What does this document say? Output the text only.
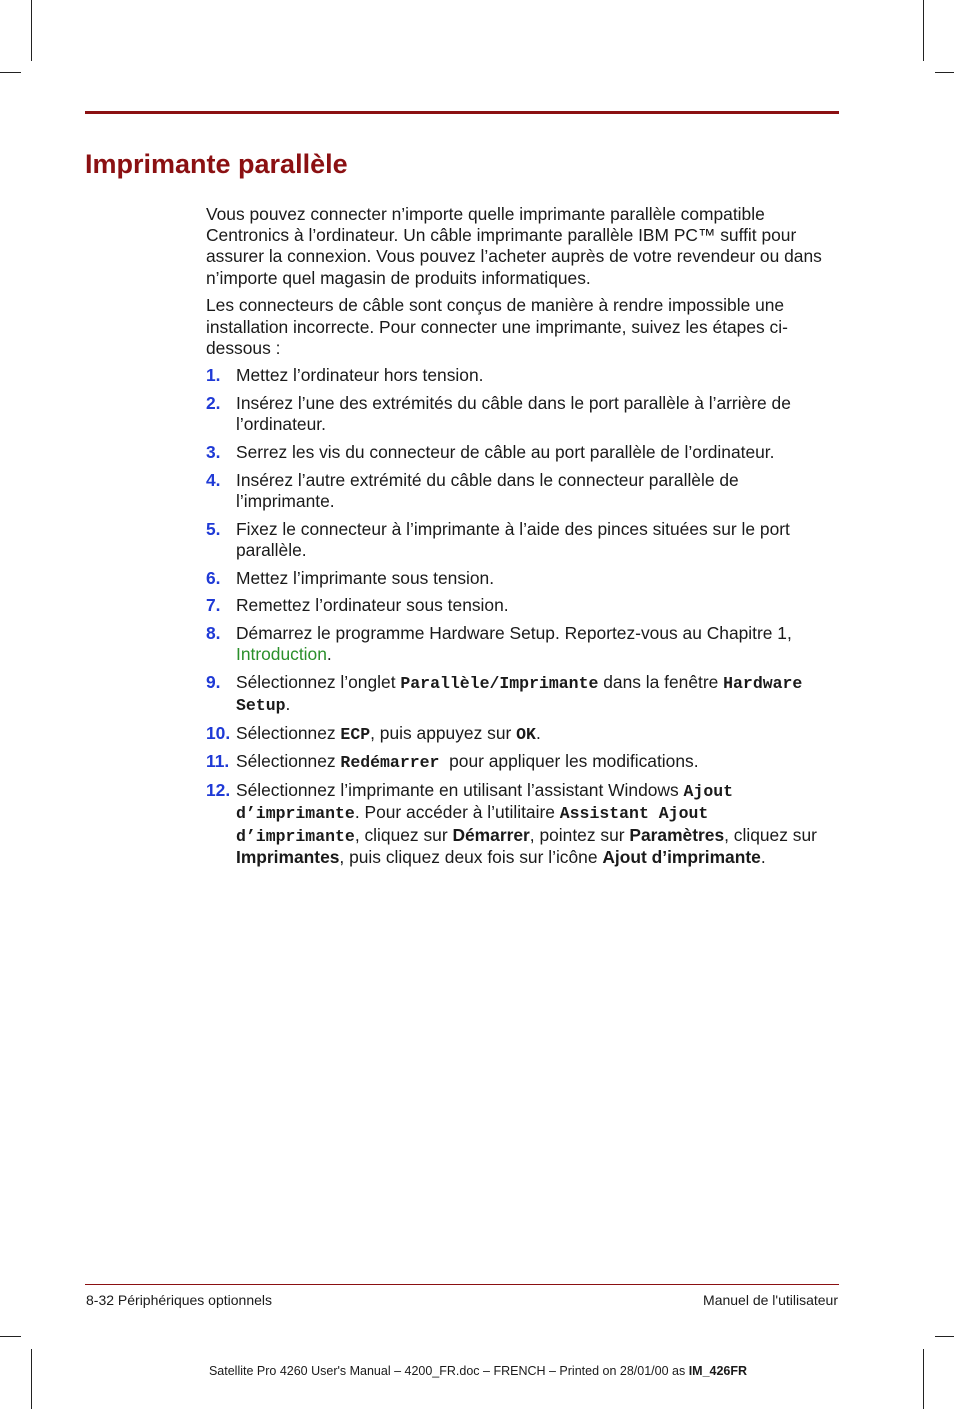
Imprimante parallèle

Vous pouvez connecter n’importe quelle imprimante parallèle compatible Centronics à l’ordinateur. Un câble imprimante parallèle IBM PC™ suffit pour assurer la connexion. Vous pouvez l’acheter auprès de votre revendeur ou dans n’importe quel magasin de produits informatiques.

Les connecteurs de câble sont conçus de manière à rendre impossible une installation incorrecte. Pour connecter une imprimante, suivez les étapes ci-dessous :

1. Mettez l’ordinateur hors tension.
2. Insérez l’une des extrémités du câble dans le port parallèle à l’arrière de l’ordinateur.
3. Serrez les vis du connecteur de câble au port parallèle de l’ordinateur.
4. Insérez l’autre extrémité du câble dans le connecteur parallèle de l’imprimante.
5. Fixez le connecteur à l’imprimante à l’aide des pinces situées sur le port parallèle.
6. Mettez l’imprimante sous tension.
7. Remettez l’ordinateur sous tension.
8. Démarrez le programme Hardware Setup. Reportez-vous au Chapitre 1, Introduction.
9. Sélectionnez l’onglet Parallèle/Imprimante dans la fenêtre Hardware Setup.
10. Sélectionnez ECP, puis appuyez sur OK.
11. Sélectionnez Redémarrer  pour appliquer les modifications.
12. Sélectionnez l’imprimante en utilisant l’assistant Windows Ajout d’imprimante. Pour accéder à l’utilitaire Assistant Ajout d’imprimante, cliquez sur Démarrer, pointez sur Paramètres, cliquez sur Imprimantes, puis cliquez deux fois sur l’icône Ajout d’imprimante.
8-32 Périphériques optionnels	Manuel de l'utilisateur
Satellite Pro 4260 User's Manual – 4200_FR.doc – FRENCH – Printed on 28/01/00 as IM_426FR
